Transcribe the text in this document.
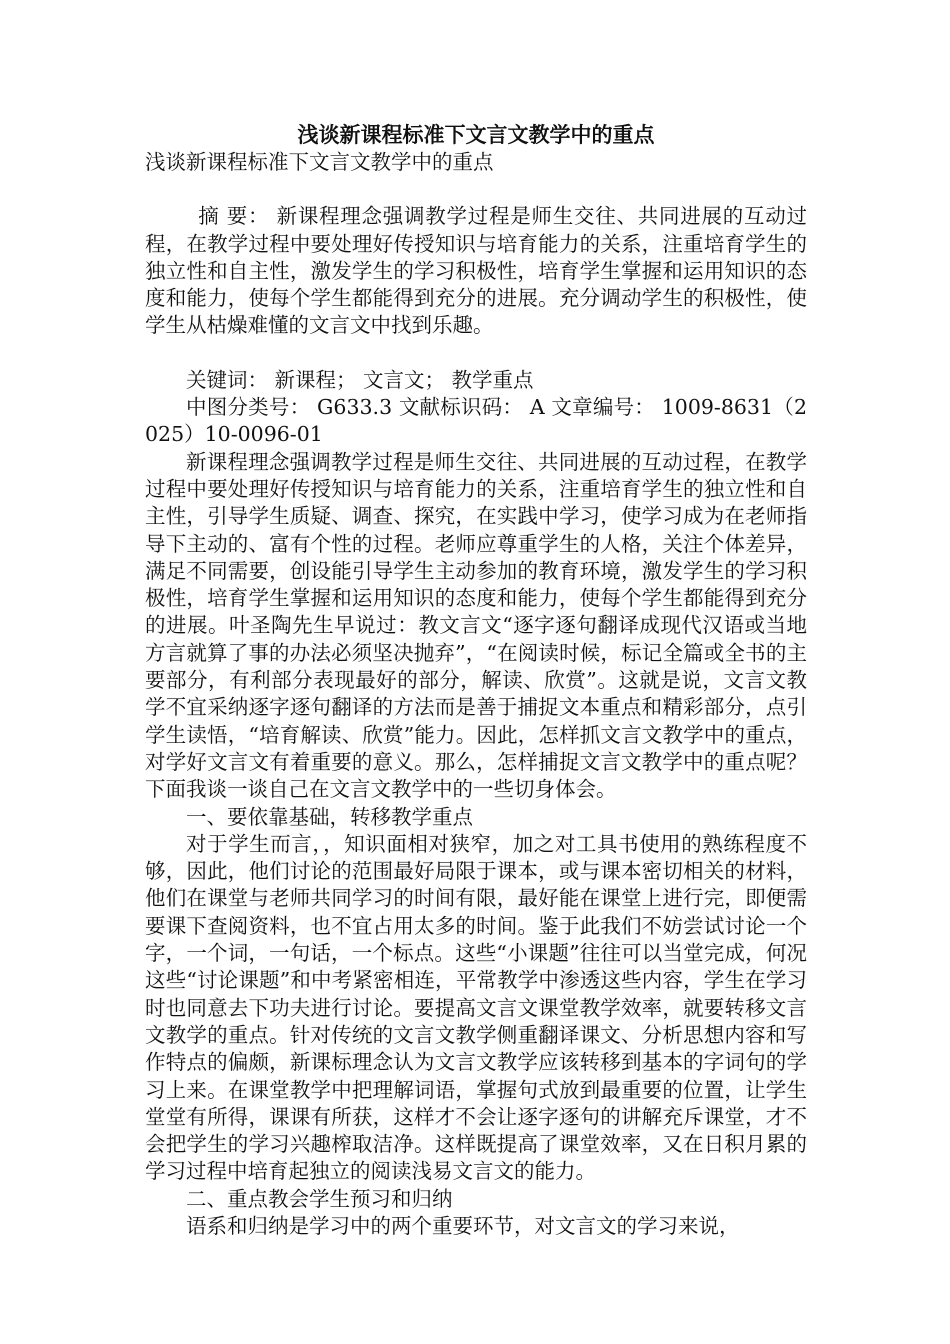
浅谈新课程标准下文言文教学中的重点

浅谈新课程标准下文言文教学中的重点

摘 要： 新课程理念强调教学过程是师生交往、共同进展的互动过程，在教学过程中要处理好传授知识与培育能力的关系，注重培育学生的独立性和自主性，激发学生的学习积极性，培育学生掌握和运用知识的态度和能力，使每个学生都能得到充分的进展。充分调动学生的积极性，使学生从枯燥难懂的文言文中找到乐趣。

关键词： 新课程； 文言文； 教学重点

中图分类号： G633.3 文献标识码： A 文章编号： 1009-8631（2025）10-0096-01

新课程理念强调教学过程是师生交往、共同进展的互动过程，在教学过程中要处理好传授知识与培育能力的关系，注重培育学生的独立性和自主性，引导学生质疑、调查、探究，在实践中学习，使学习成为在老师指导下主动的、富有个性的过程。老师应尊重学生的人格，关注个体差异，满足不同需要，创设能引导学生主动参加的教育环境，激发学生的学习积极性，培育学生掌握和运用知识的态度和能力，使每个学生都能得到充分的进展。叶圣陶先生早说过：教文言文“逐字逐句翻译成现代汉语或当地方言就算了事的办法必须坚决抛弃”，“在阅读时候，标记全篇或全书的主要部分，有利部分表现最好的部分，解读、欣赏”。这就是说，文言文教学不宜采纳逐字逐句翻译的方法而是善于捕捉文本重点和精彩部分，点引学生读悟，“培育解读、欣赏”能力。因此，怎样抓文言文教学中的重点，对学好文言文有着重要的意义。那么，怎样捕捉文言文教学中的重点呢？下面我谈一谈自己在文言文教学中的一些切身体会。

一、要依靠基础，转移教学重点

对于学生而言，，知识面相对狭窄，加之对工具书使用的熟练程度不够，因此，他们讨论的范围最好局限于课本，或与课本密切相关的材料，他们在课堂与老师共同学习的时间有限，最好能在课堂上进行完，即便需要课下查阅资料，也不宜占用太多的时间。鉴于此我们不妨尝试讨论一个字，一个词，一句话，一个标点。这些“小课题”往往可以当堂完成，何况这些“讨论课题”和中考紧密相连，平常教学中渗透这些内容，学生在学习时也同意去下功夫进行讨论。要提高文言文课堂教学效率，就要转移文言文教学的重点。针对传统的文言文教学侧重翻译课文、分析思想内容和写作特点的偏颇，新课标理念认为文言文教学应该转移到基本的字词句的学习上来。在课堂教学中把理解词语，掌握句式放到最重要的位置，让学生堂堂有所得，课课有所获，这样才不会让逐字逐句的讲解充斥课堂，才不会把学生的学习兴趣榨取洁净。这样既提高了课堂效率，又在日积月累的学习过程中培育起独立的阅读浅易文言文的能力。

二、重点教会学生预习和归纳

语系和归纳是学习中的两个重要环节，对文言文的学习来说，
